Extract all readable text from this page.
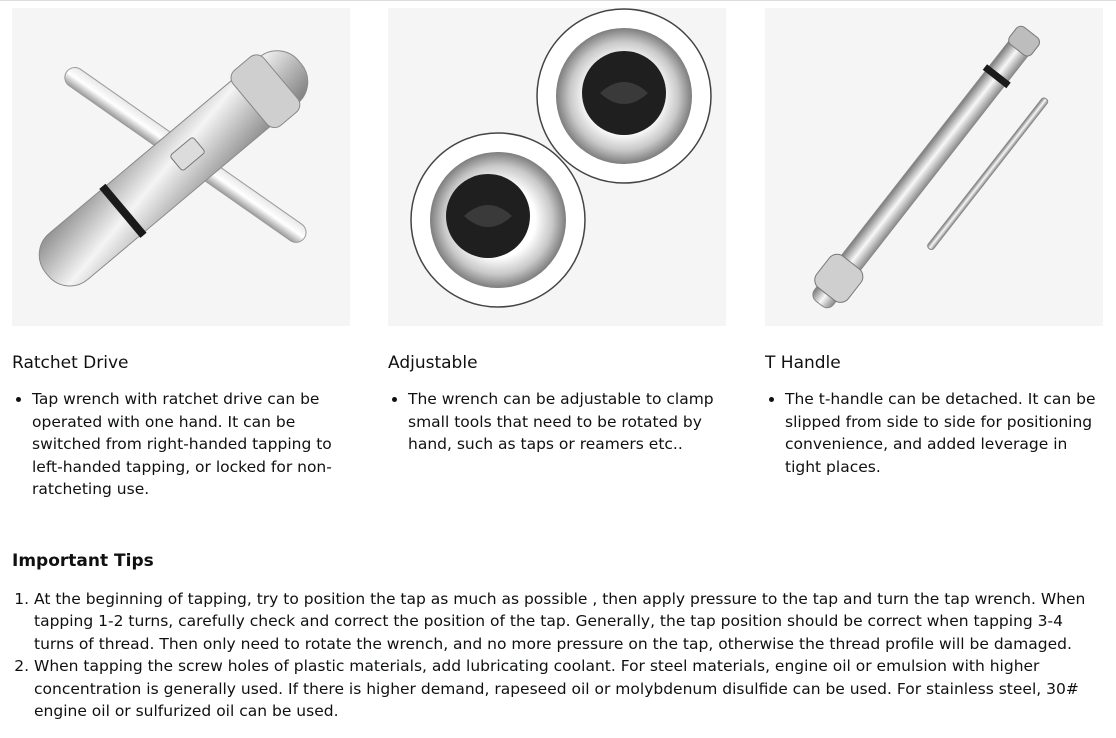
Ratchet Drive
• Tap wrench with ratchet drive can be operated with one hand. It can be switched from right-handed tapping to left-handed tapping, or locked for non-ratcheting use.
Adjustable
• The wrench can be adjustable to clamp small tools that need to be rotated by hand, such as taps or reamers etc..
T Handle
• The t-handle can be detached. It can be slipped from side to side for positioning convenience, and added leverage in tight places.
Important Tips
1. At the beginning of tapping, try to position the tap as much as possible , then apply pressure to the tap and turn the tap wrench. When tapping 1-2 turns, carefully check and correct the position of the tap. Generally, the tap position should be correct when tapping 3-4 turns of thread. Then only need to rotate the wrench, and no more pressure on the tap, otherwise the thread profile will be damaged.
2. When tapping the screw holes of plastic materials, add lubricating coolant. For steel materials, engine oil or emulsion with higher concentration is generally used. If there is higher demand, rapeseed oil or molybdenum disulfide can be used. For stainless steel, 30# engine oil or sulfurized oil can be used.
